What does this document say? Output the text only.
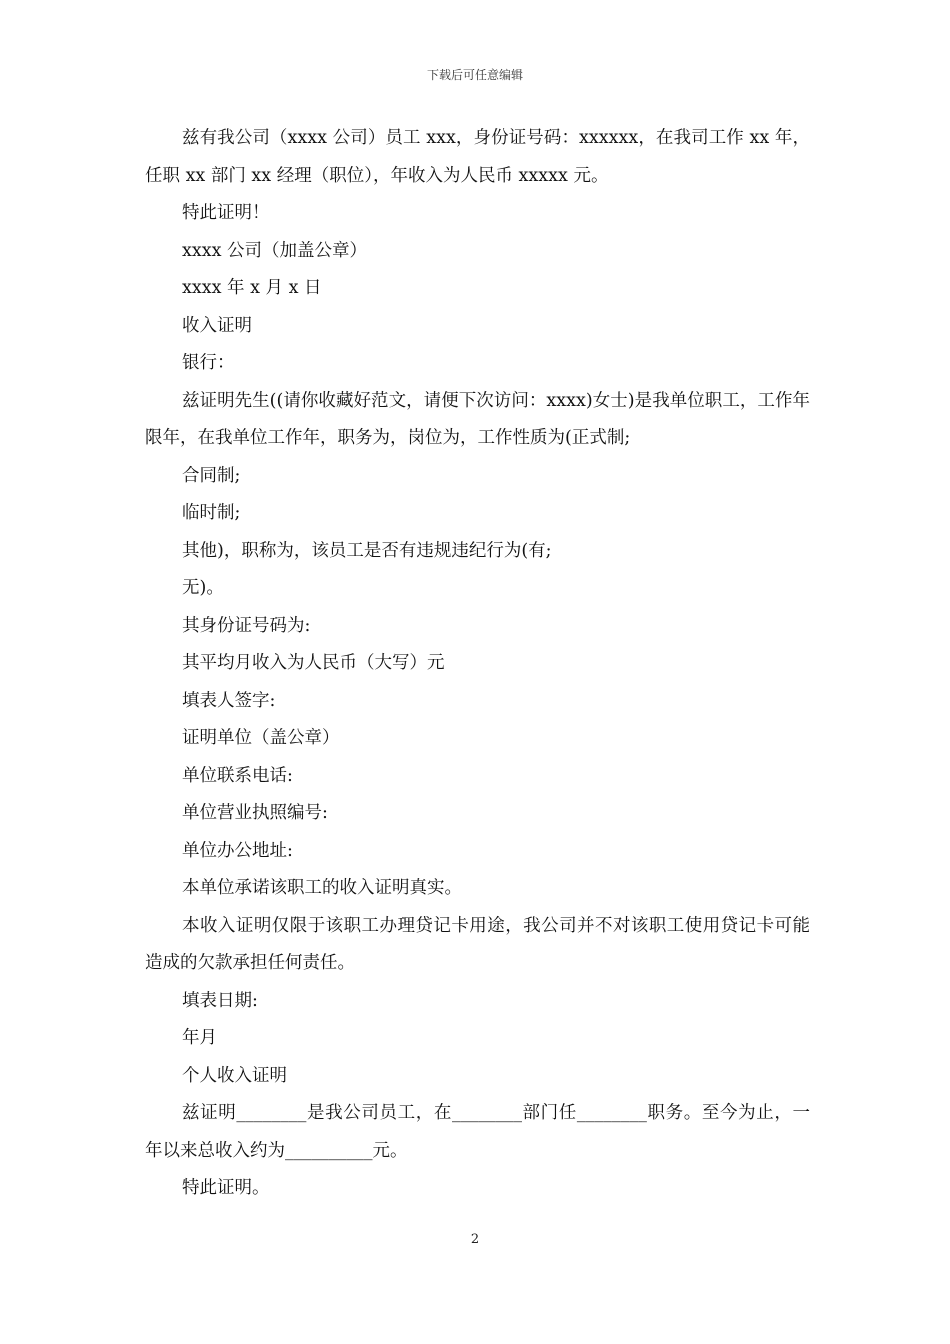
下载后可任意编辑

兹有我公司（xxxx 公司）员工 xxx，身份证号码：xxxxxx，在我司工作 xx 年，任职 xx 部门 xx 经理（职位），年收入为人民币 xxxxx 元。

特此证明！

xxxx 公司（加盖公章）

xxxx 年 x 月 x 日

收入证明

银行：

兹证明先生((请你收藏好范文，请便下次访问：xxxx)女士)是我单位职工，工作年限年，在我单位工作年，职务为，岗位为，工作性质为(正式制;

合同制;

临时制;

其他)，职称为，该员工是否有违规违纪行为(有;

无)。

其身份证号码为:

其平均月收入为人民币（大写）元

填表人签字:

证明单位（盖公章）

单位联系电话:

单位营业执照编号:

单位办公地址:

本单位承诺该职工的收入证明真实。

本收入证明仅限于该职工办理贷记卡用途，我公司并不对该职工使用贷记卡可能造成的欠款承担任何责任。

填表日期:

年月

个人收入证明

兹证明________是我公司员工，在________部门任________职务。至今为止，一年以来总收入约为__________元。

特此证明。

2
